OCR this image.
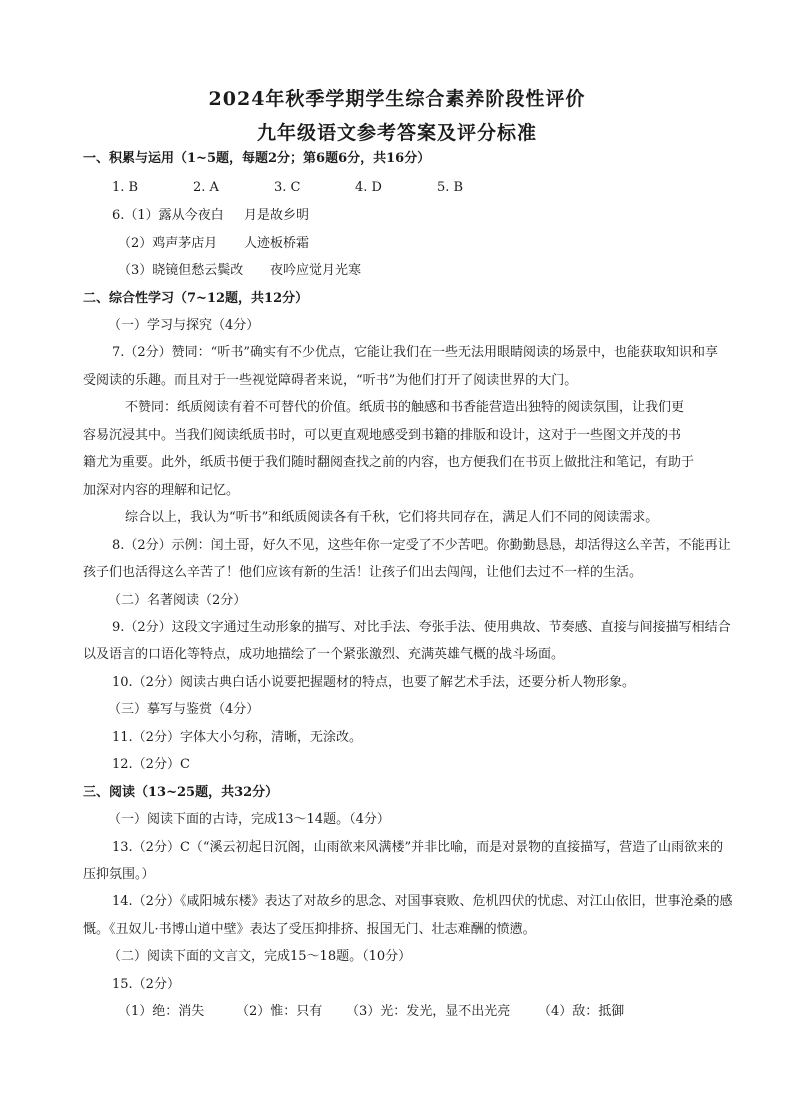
2024年秋季学期学生综合素养阶段性评价
九年级语文参考答案及评分标准
一、积累与运用（1~5题，每题2分；第6题6分，共16分）
1. B	2. A	3. C	4. D	5. B
6.（1）露从今夜白 月是故乡明
（2）鸡声茅店月 人迹板桥霜
（3）晓镜但愁云鬓改 夜吟应觉月光寒
二、综合性学习（7~12题，共12分）
（一）学习与探究（4分）
7.（2分）赞同：“听书”确实有不少优点，它能让我们在一些无法用眼睛阅读的场景中，也能获取知识和享
受阅读的乐趣。而且对于一些视觉障碍者来说，“听书”为他们打开了阅读世界的大门。
不赞同：纸质阅读有着不可替代的价值。纸质书的触感和书香能营造出独特的阅读氛围，让我们更
容易沉浸其中。当我们阅读纸质书时，可以更直观地感受到书籍的排版和设计，这对于一些图文并茂的书
籍尤为重要。此外，纸质书便于我们随时翻阅查找之前的内容，也方便我们在书页上做批注和笔记，有助于
加深对内容的理解和记忆。
综合以上，我认为“听书”和纸质阅读各有千秋，它们将共同存在，满足人们不同的阅读需求。
8.（2分）示例：闰土哥，好久不见，这些年你一定受了不少苦吧。你勤勤恳恳，却活得这么辛苦，不能再让
孩子们也活得这么辛苦了！他们应该有新的生活！让孩子们出去闯闯，让他们去过不一样的生活。
（二）名著阅读（2分）
9.（2分）这段文字通过生动形象的描写、对比手法、夸张手法、使用典故、节奏感、直接与间接描写相结合
以及语言的口语化等特点，成功地描绘了一个紧张激烈、充满英雄气概的战斗场面。
10.（2分）阅读古典白话小说要把握题材的特点，也要了解艺术手法，还要分析人物形象。
（三）摹写与鉴赏（4分）
11.（2分）字体大小匀称，清晰，无涂改。
12.（2分）C
三、阅读（13~25题，共32分）
（一）阅读下面的古诗，完成13～14题。（4分）
13.（2分）C（“溪云初起日沉阁，山雨欲来风满楼”并非比喻，而是对景物的直接描写，营造了山雨欲来的
压抑氛围。）
14.（2分）《咸阳城东楼》表达了对故乡的思念、对国事衰败、危机四伏的忧虑、对江山依旧，世事沧桑的感
慨。《丑奴儿·书博山道中壁》表达了受压抑排挤、报国无门、壮志难酬的愤懑。
（二）阅读下面的文言文，完成15～18题。（10分）
15.（2分）
（1）绝：消失 （2）惟：只有 （3）光：发光，显不出光亮 （4）敌：抵御
